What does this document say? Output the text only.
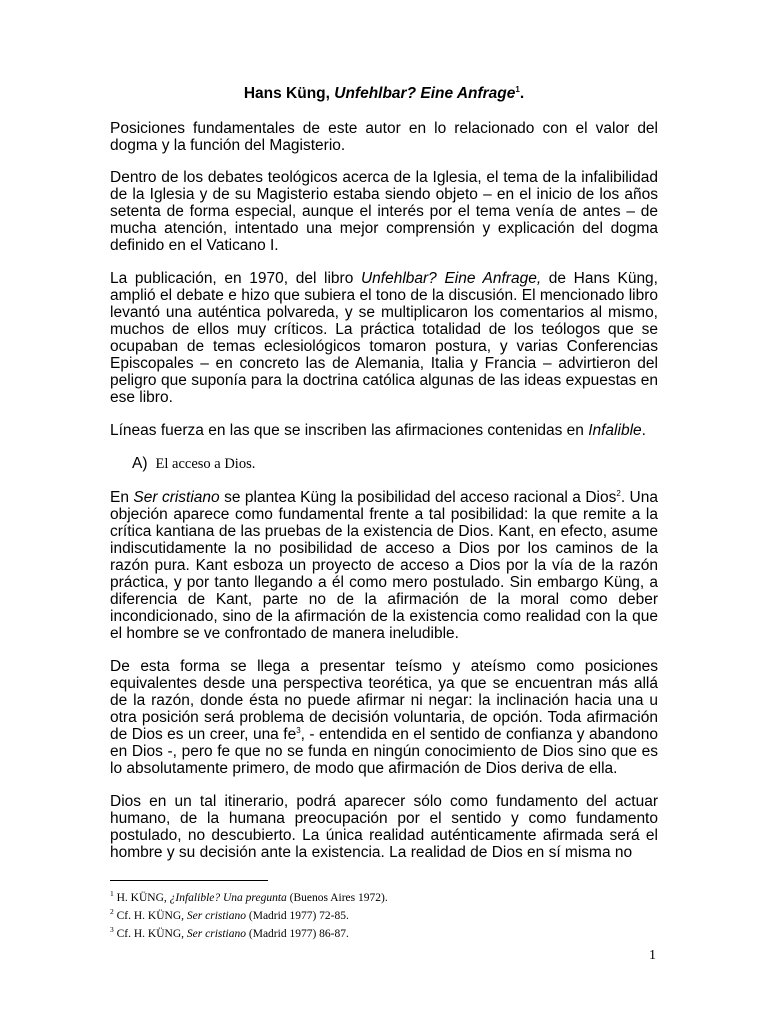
Hans Küng, Unfehlbar? Eine Anfrage$^1$.

Posiciones fundamentales de este autor en lo relacionado con el valor del dogma y la función del Magisterio.

Dentro de los debates teológicos acerca de la Iglesia, el tema de la infalibilidad de la Iglesia y de su Magisterio estaba siendo objeto – en el inicio de los años setenta de forma especial, aunque el interés por el tema venía de antes – de mucha atención, intentado una mejor comprensión y explicación del dogma definido en el Vaticano I.

La publicación, en 1970, del libro Unfehlbar? Eine Anfrage, de Hans Küng, amplió el debate e hizo que subiera el tono de la discusión. El mencionado libro levantó una auténtica polvareda, y se multiplicaron los comentarios al mismo, muchos de ellos muy críticos. La práctica totalidad de los teólogos que se ocupaban de temas eclesiológicos tomaron postura, y varias Conferencias Episcopales – en concreto las de Alemania, Italia y Francia – advirtieron del peligro que suponía para la doctrina católica algunas de las ideas expuestas en ese libro.

Líneas fuerza en las que se inscriben las afirmaciones contenidas en Infalible.

A) El acceso a Dios.

En Ser cristiano se plantea Küng la posibilidad del acceso racional a Dios$^2$. Una objeción aparece como fundamental frente a tal posibilidad: la que remite a la crítica kantiana de las pruebas de la existencia de Dios. Kant, en efecto, asume indiscutidamente la no posibilidad de acceso a Dios por los caminos de la razón pura. Kant esboza un proyecto de acceso a Dios por la vía de la razón práctica, y por tanto llegando a él como mero postulado. Sin embargo Küng, a diferencia de Kant, parte no de la afirmación de la moral como deber incondicionado, sino de la afirmación de la existencia como realidad con la que el hombre se ve confrontado de manera ineludible.

De esta forma se llega a presentar teísmo y ateísmo como posiciones equivalentes desde una perspectiva teorética, ya que se encuentran más allá de la razón, donde ésta no puede afirmar ni negar: la inclinación hacia una u otra posición será problema de decisión voluntaria, de opción. Toda afirmación de Dios es un creer, una $fe^3$, - entendida en el sentido de confianza y abandono en Dios -, pero fe que no se funda en ningún conocimiento de Dios sino que es lo absolutamente primero, de modo que afirmación de Dios deriva de ella.

Dios en un tal itinerario, podrá aparecer sólo como fundamento del actuar humano, de la humana preocupación por el sentido y como fundamento postulado, no descubierto. La única realidad auténticamente afirmada será el hombre y su decisión ante la existencia. La realidad de Dios en sí misma no

$^1$ H. KÜNG, ¿Infalible? Una pregunta (Buenos Aires 1972).
$^2$ Cf. H. KÜNG, Ser cristiano (Madrid 1977) 72-85.
$^3$ Cf. H. KÜNG, Ser cristiano (Madrid 1977) 86-87.
1
